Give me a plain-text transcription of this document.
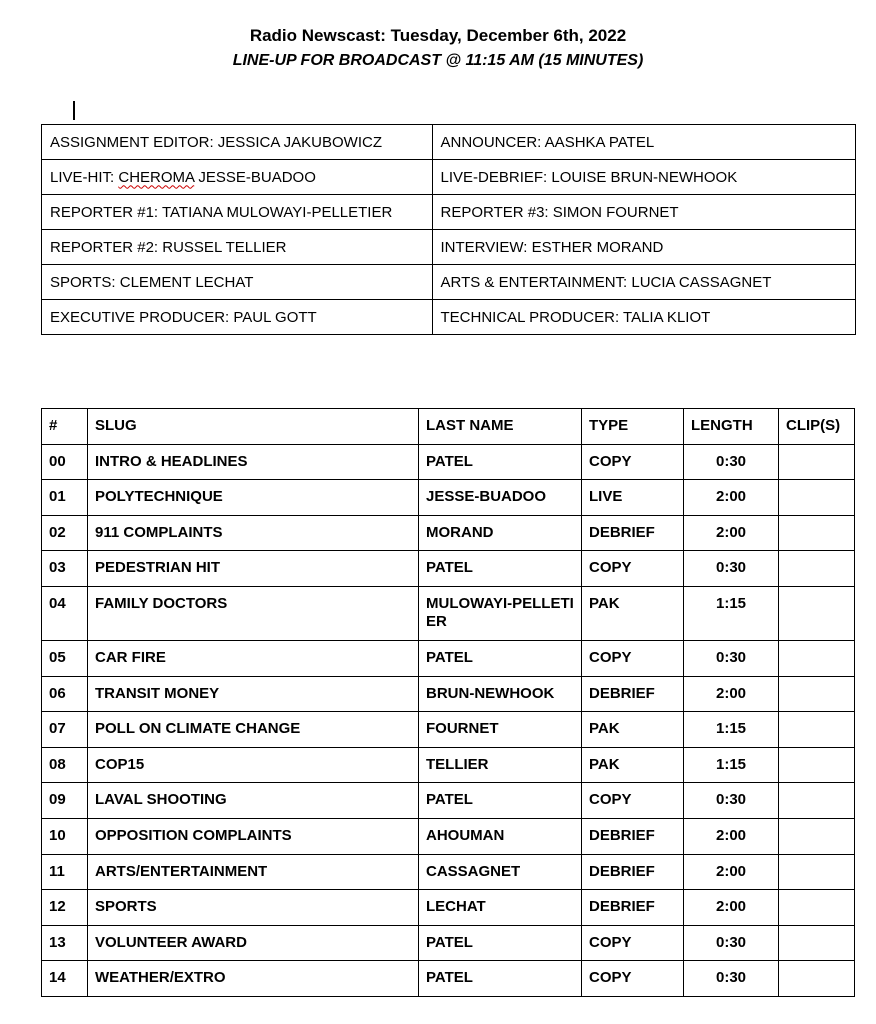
Radio Newscast: Tuesday, December 6th, 2022
LINE-UP FOR BROADCAST @ 11:15 AM (15 MINUTES)
ASSIGNMENT EDITOR: JESSICA JAKUBOWICZ	ANNOUNCER: AASHKA PATEL
LIVE-HIT: CHEROMA JESSE-BUADOO	LIVE-DEBRIEF: LOUISE BRUN-NEWHOOK
REPORTER #1: TATIANA MULOWAYI-PELLETIER	REPORTER #3: SIMON FOURNET
REPORTER #2: RUSSEL TELLIER	INTERVIEW: ESTHER MORAND
SPORTS: CLEMENT LECHAT	ARTS & ENTERTAINMENT: LUCIA CASSAGNET
EXECUTIVE PRODUCER: PAUL GOTT	TECHNICAL PRODUCER: TALIA KLIOT
#	SLUG	LAST NAME	TYPE	LENGTH	CLIP(S)
00	INTRO & HEADLINES	PATEL	COPY	0:30	
01	POLYTECHNIQUE	JESSE-BUADOO	LIVE	2:00	
02	911 COMPLAINTS	MORAND	DEBRIEF	2:00	
03	PEDESTRIAN HIT	PATEL	COPY	0:30	
04	FAMILY DOCTORS	MULOWAYI-PELLETIER	PAK	1:15	
05	CAR FIRE	PATEL	COPY	0:30	
06	TRANSIT MONEY	BRUN-NEWHOOK	DEBRIEF	2:00	
07	POLL ON CLIMATE CHANGE	FOURNET	PAK	1:15	
08	COP15	TELLIER	PAK	1:15	
09	LAVAL SHOOTING	PATEL	COPY	0:30	
10	OPPOSITION COMPLAINTS	AHOUMAN	DEBRIEF	2:00	
11	ARTS/ENTERTAINMENT	CASSAGNET	DEBRIEF	2:00	
12	SPORTS	LECHAT	DEBRIEF	2:00	
13	VOLUNTEER AWARD	PATEL	COPY	0:30	
14	WEATHER/EXTRO	PATEL	COPY	0:30	
